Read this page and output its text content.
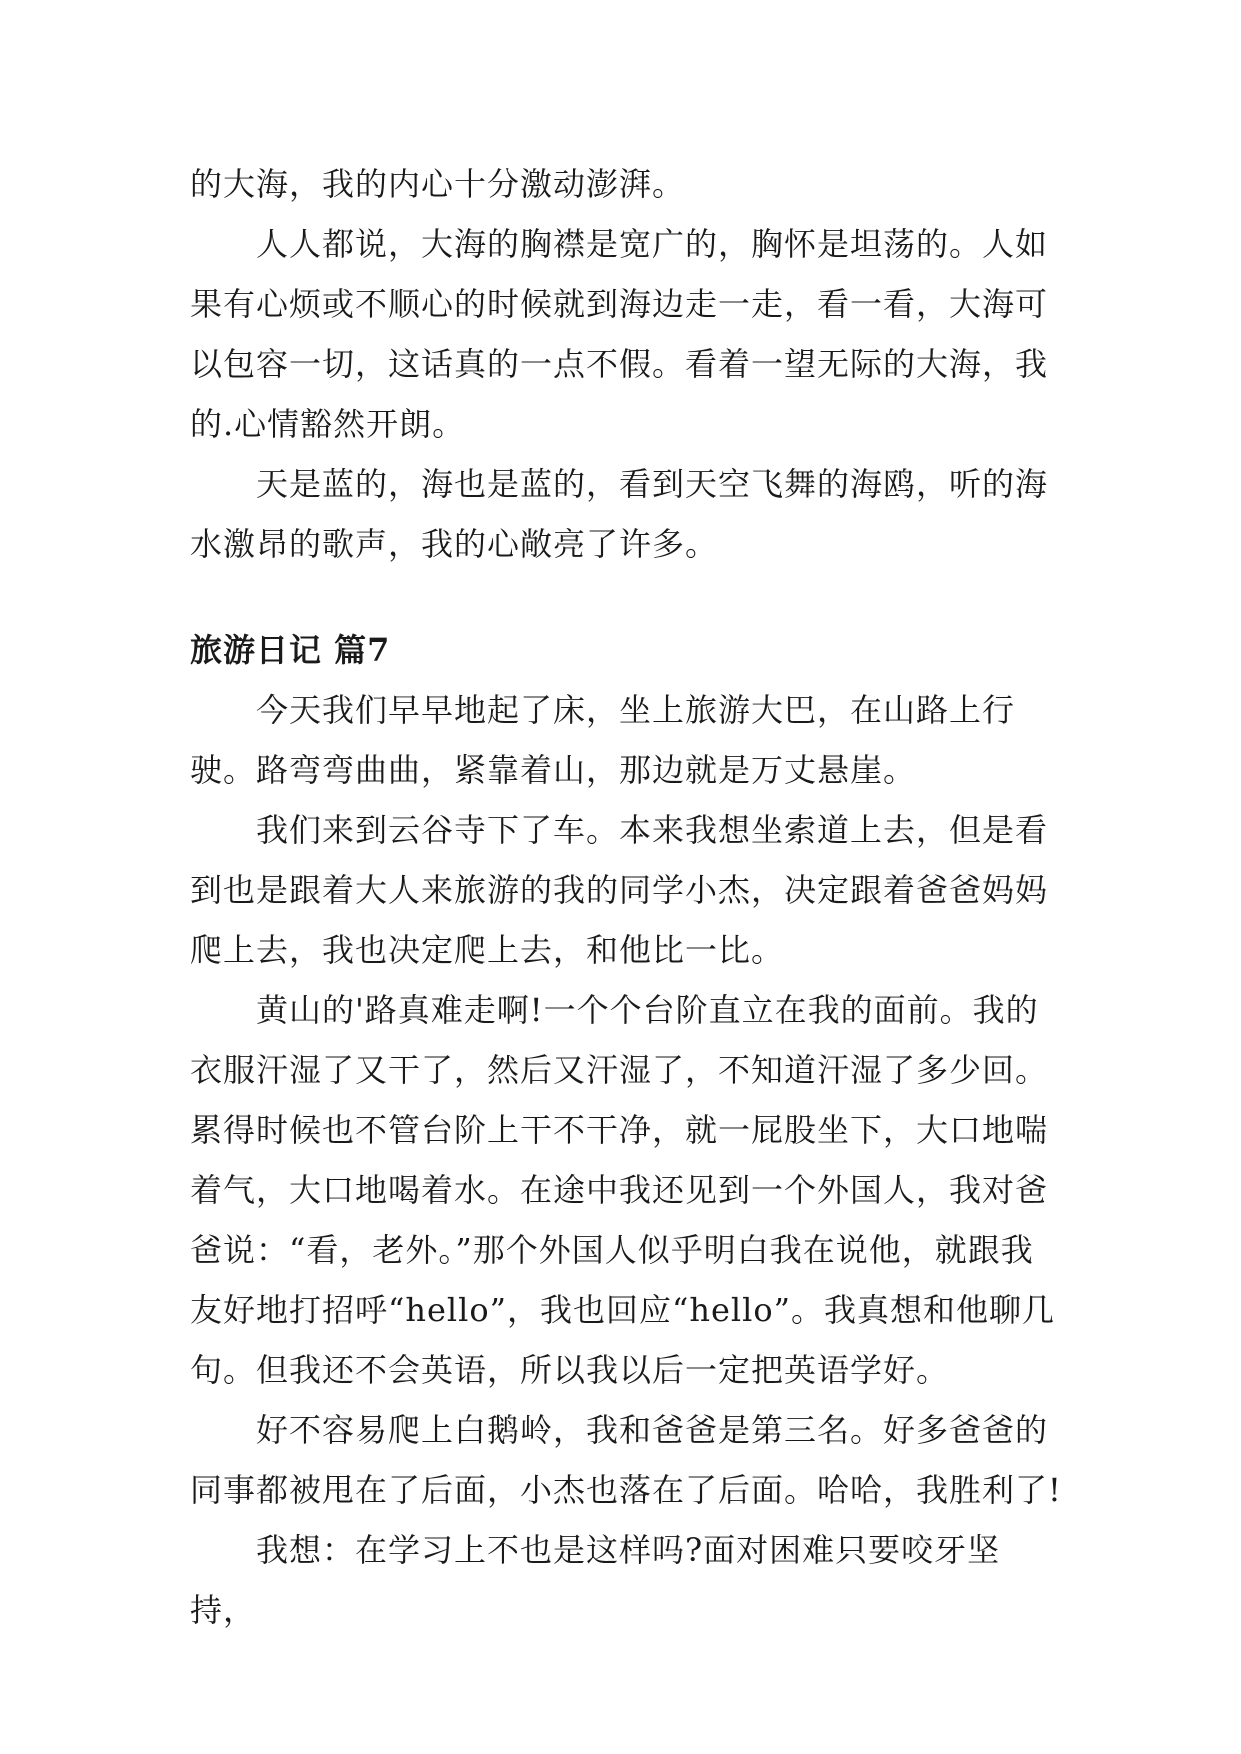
的大海，我的内心十分激动澎湃。

人人都说，大海的胸襟是宽广的，胸怀是坦荡的。人如果有心烦或不顺心的时候就到海边走一走，看一看，大海可以包容一切，这话真的一点不假。看着一望无际的大海，我的.心情豁然开朗。

天是蓝的，海也是蓝的，看到天空飞舞的海鸥，听的海水激昂的歌声，我的心敞亮了许多。

旅游日记 篇7

今天我们早早地起了床，坐上旅游大巴，在山路上行驶。路弯弯曲曲，紧靠着山，那边就是万丈悬崖。

我们来到云谷寺下了车。本来我想坐索道上去，但是看到也是跟着大人来旅游的我的同学小杰，决定跟着爸爸妈妈爬上去，我也决定爬上去，和他比一比。

黄山的'路真难走啊!一个个台阶直立在我的面前。我的衣服汗湿了又干了，然后又汗湿了，不知道汗湿了多少回。累得时候也不管台阶上干不干净，就一屁股坐下，大口地喘着气，大口地喝着水。在途中我还见到一个外国人，我对爸爸说：“看，老外。”那个外国人似乎明白我在说他，就跟我友好地打招呼“hello”，我也回应“hello”。我真想和他聊几句。但我还不会英语，所以我以后一定把英语学好。

好不容易爬上白鹅岭，我和爸爸是第三名。好多爸爸的同事都被甩在了后面，小杰也落在了后面。哈哈，我胜利了!

我想：在学习上不也是这样吗?面对困难只要咬牙坚持，
